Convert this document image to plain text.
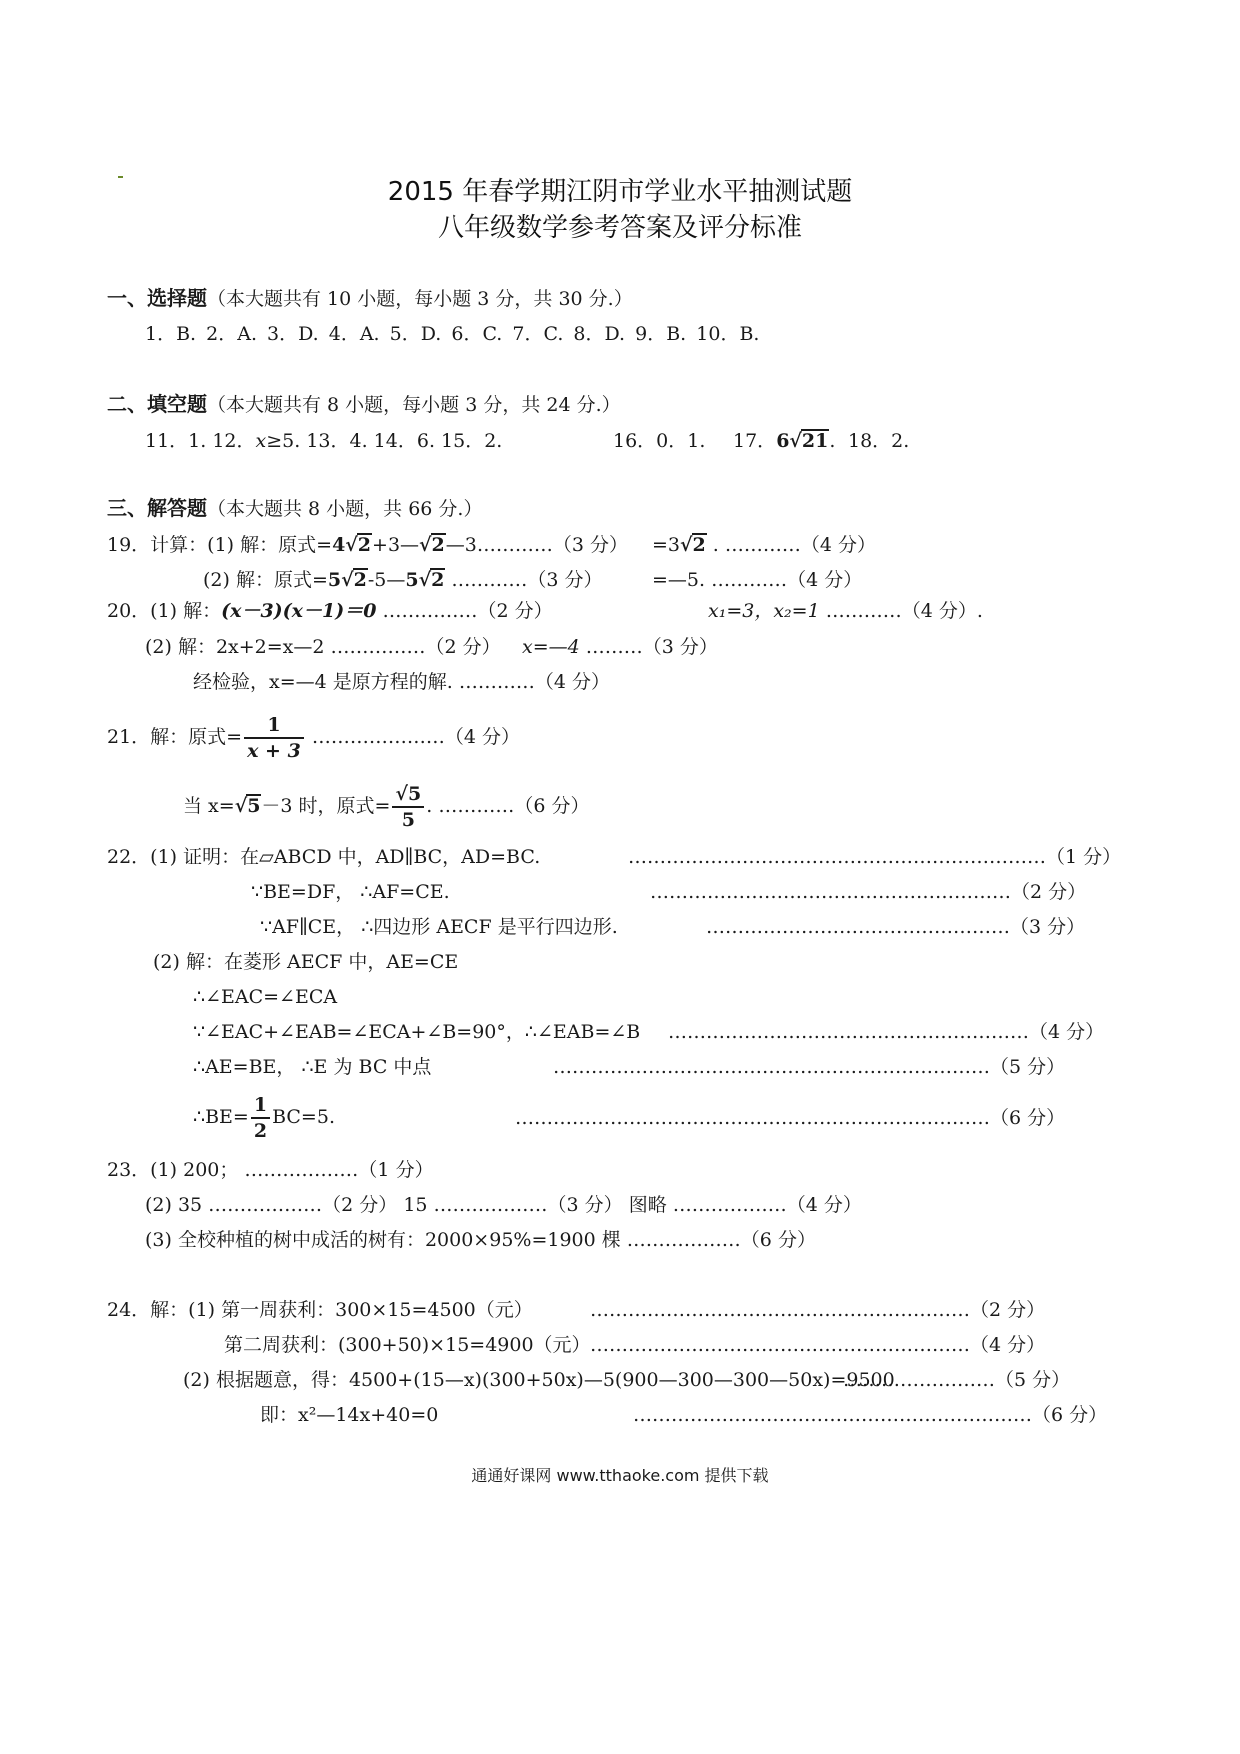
2015 年春学期江阴市学业水平抽测试题
八年级数学参考答案及评分标准
一、选择题（本大题共有 10 小题，每小题 3 分，共 30 分.）
1．B. 2．A. 3．D. 4．A. 5．D. 6．C. 7．C. 8．D. 9．B. 10．B.
二、填空题（本大题共有 8 小题，每小题 3 分，共 24 分.）
11．1. 12．x≥5. 13．4. 14．6. 15．2.	16．0．1. 17．6√21. 18．2.
三、解答题（本大题共 8 小题，共 66 分.）
19．计算：(1) 解：原式=4√2+3—√2—3…………（3 分） =3√2 . …………（4 分）
(2) 解：原式=5√2-5—5√2 …………（3 分）	=—5. …………（4 分）
20．(1) 解：(x－3)(x－1)＝0 ……………（2 分）	x₁=3，x₂=1 …………（4 分）.
(2) 解：2x+2=x—2 ……………（2 分） x=—4 ………（3 分）
经检验，x=—4 是原方程的解. …………（4 分）
21．解：原式= $\frac{1}{x + 3}$ …………………（4 分）
当 x=√5－3 时，原式= $\frac{√5}{5}$ . …………（6 分）
22．(1) 证明：在▱ABCD 中，AD∥BC，AD=BC.	…………………………………………………………（1 分）
∵BE=DF， ∴AF=CE.	…………………………………………………（2 分）
∵AF∥CE， ∴四边形 AECF 是平行四边形.	…………………………………………（3 分）
(2) 解：在菱形 AECF 中，AE=CE
∴∠EAC=∠ECA
∵∠EAC+∠EAB=∠ECA+∠B=90°，∴∠EAB=∠B …………………………………………………（4 分）
∴AE=BE， ∴E 为 BC 中点	……………………………………………………………（5 分）
∴BE= $\frac{1}{2} BC=5$.	…………………………………………………………………（6 分）
23．(1) 200； ………………（1 分）
(2) 35 ………………（2 分） 15 ………………（3 分） 图略 ………………（4 分）
(3) 全校种植的树中成活的树有：2000×95%=1900 棵 ………………（6 分）
24．解：(1) 第一周获利：300×15=4500（元）	……………………………………………………（2 分）
第二周获利：(300+50)×15=4900（元） ……………………………………………………（4 分）
(2) 根据题意，得：4500+(15—x)(300+50x)—5(900—300—300—50x)=9500
……………………（5 分）
即：x²—14x+40=0	………………………………………………………（6 分）
通通好课网 www.tthaoke.com 提供下载
